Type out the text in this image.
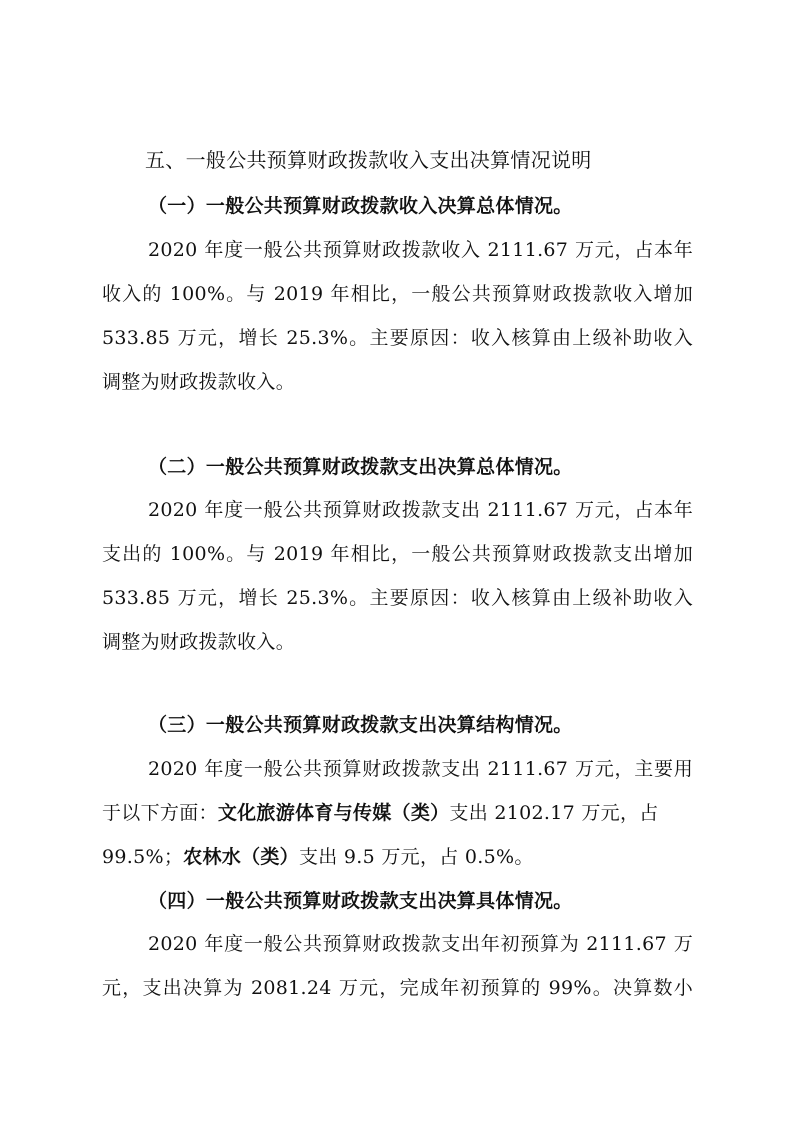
五、一般公共预算财政拨款收入支出决算情况说明
（一）一般公共预算财政拨款收入决算总体情况。
2020 年度一般公共预算财政拨款收入 2111.67 万元，占本年
收入的 100%。与 2019 年相比，一般公共预算财政拨款收入增加
533.85 万元，增长 25.3%。主要原因：收入核算由上级补助收入
调整为财政拨款收入。
（二）一般公共预算财政拨款支出决算总体情况。
2020 年度一般公共预算财政拨款支出 2111.67 万元，占本年
支出的 100%。与 2019 年相比，一般公共预算财政拨款支出增加
533.85 万元，增长 25.3%。主要原因：收入核算由上级补助收入
调整为财政拨款收入。
（三）一般公共预算财政拨款支出决算结构情况。
2020 年度一般公共预算财政拨款支出 2111.67 万元，主要用
于以下方面：文化旅游体育与传媒（类）支出 2102.17 万元，占
99.5%；农林水（类）支出 9.5 万元，占 0.5%。
（四）一般公共预算财政拨款支出决算具体情况。
2020 年度一般公共预算财政拨款支出年初预算为 2111.67 万
元，支出决算为 2081.24 万元，完成年初预算的 99%。决算数小
